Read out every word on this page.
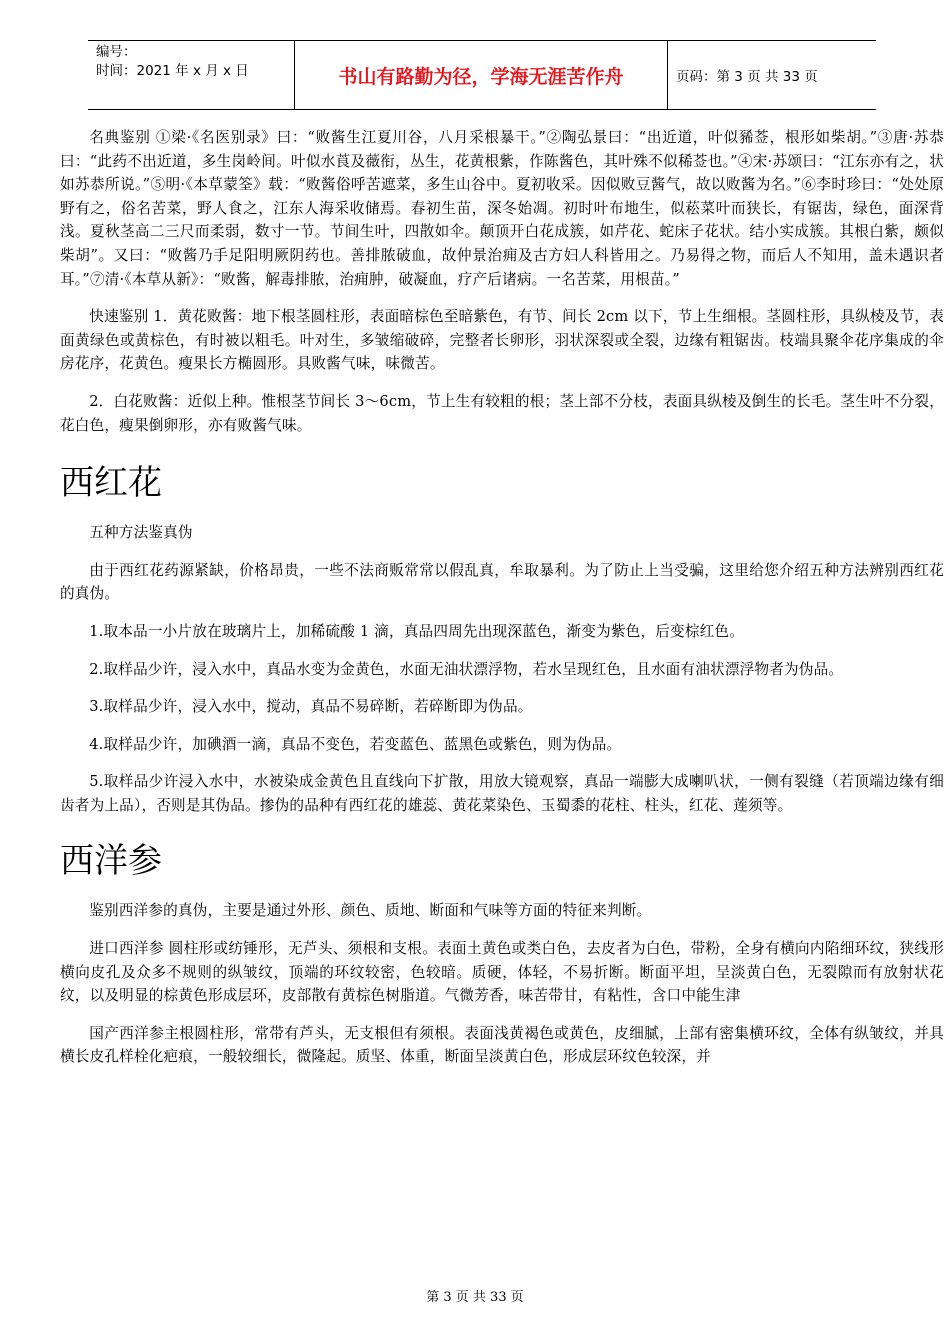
编号：
时间：2021 年 x 月 x 日	书山有路勤为径，学海无涯苦作舟	页码：第 3 页 共 33 页

名典鉴别 ①梁·《名医别录》曰：“败酱生江夏川谷，八月采根暴干。”②陶弘景曰：“出近道，叶似豨莶，根形如柴胡。”③唐·苏恭曰：“此药不出近道，多生岗岭间。叶似水莨及薇衔，丛生，花黄根紫，作陈酱色，其叶殊不似稀莶也。”④宋·苏颂曰：“江东亦有之，状如苏恭所说。”⑤明·《本草蒙筌》载：“败酱俗呼苦遮菜，多生山谷中。夏初收采。因似败豆酱气，故以败酱为名。”⑥李时珍曰：“处处原野有之，俗名苦菜，野人食之，江东人海采收储焉。春初生苗，深冬始凋。初时叶布地生，似菘菜叶而狭长，有锯齿，绿色，面深背浅。夏秋茎高二三尺而柔弱，数寸一节。节间生叶，四散如伞。颠顶开白花成簇，如芹花、蛇床子花状。结小实成簇。其根白紫，颇似柴胡”。又曰：“败酱乃手足阳明厥阴药也。善排脓破血，故仲景治痈及古方妇人科皆用之。乃易得之物，而后人不知用，盖未遇识者耳。”⑦清·《本草从新》：“败酱，解毒排脓，治痈肿，破凝血，疗产后诸病。一名苦菜，用根苗。”

快速鉴别 1．黄花败酱：地下根茎圆柱形，表面暗棕色至暗紫色，有节、间长 2cm 以下，节上生细根。茎圆柱形，具纵棱及节，表面黄绿色或黄棕色，有时被以粗毛。叶对生，多皱缩破碎，完整者长卵形，羽状深裂或全裂，边缘有粗锯齿。枝端具聚伞花序集成的伞房花序，花黄色。瘦果长方椭圆形。具败酱气味，味微苦。

2．白花败酱：近似上种。惟根茎节间长 3～6cm，节上生有较粗的根；茎上部不分枝，表面具纵棱及倒生的长毛。茎生叶不分裂，花白色，瘦果倒卵形，亦有败酱气味。

西红花

五种方法鉴真伪

由于西红花药源紧缺，价格昂贵，一些不法商贩常常以假乱真，牟取暴利。为了防止上当受骗，这里给您介绍五种方法辨别西红花的真伪。

1.取本品一小片放在玻璃片上，加稀硫酸 1 滴，真品四周先出现深蓝色，渐变为紫色，后变棕红色。

2.取样品少许，浸入水中，真品水变为金黄色，水面无油状漂浮物，若水呈现红色，且水面有油状漂浮物者为伪品。

3.取样品少许，浸入水中，搅动，真品不易碎断，若碎断即为伪品。

4.取样品少许，加碘酒一滴，真品不变色，若变蓝色、蓝黑色或紫色，则为伪品。

5.取样品少许浸入水中，水被染成金黄色且直线向下扩散，用放大镜观察，真品一端膨大成喇叭状，一侧有裂缝（若顶端边缘有细齿者为上品），否则是其伪品。掺伪的品种有西红花的雄蕊、黄花菜染色、玉蜀黍的花柱、柱头，红花、莲须等。

西洋参

鉴别西洋参的真伪，主要是通过外形、颜色、质地、断面和气味等方面的特征来判断。

进口西洋参 圆柱形或纺锤形，无芦头、须根和支根。表面土黄色或类白色，去皮者为白色，带粉，全身有横向内陷细环纹，狭线形横向皮孔及众多不规则的纵皱纹，顶端的环纹较密，色较暗。质硬，体轻，不易折断。断面平坦，呈淡黄白色，无裂隙而有放射状花纹，以及明显的棕黄色形成层环，皮部散有黄棕色树脂道。气微芳香，味苦带甘，有粘性，含口中能生津

国产西洋参主根圆柱形，常带有芦头，无支根但有须根。表面浅黄褐色或黄色，皮细腻，上部有密集横环纹，全体有纵皱纹，并具横长皮孔样栓化疤痕，一般较细长，微隆起。质坚、体重，断面呈淡黄白色，形成层环纹色较深，并

第 3 页 共 33 页
